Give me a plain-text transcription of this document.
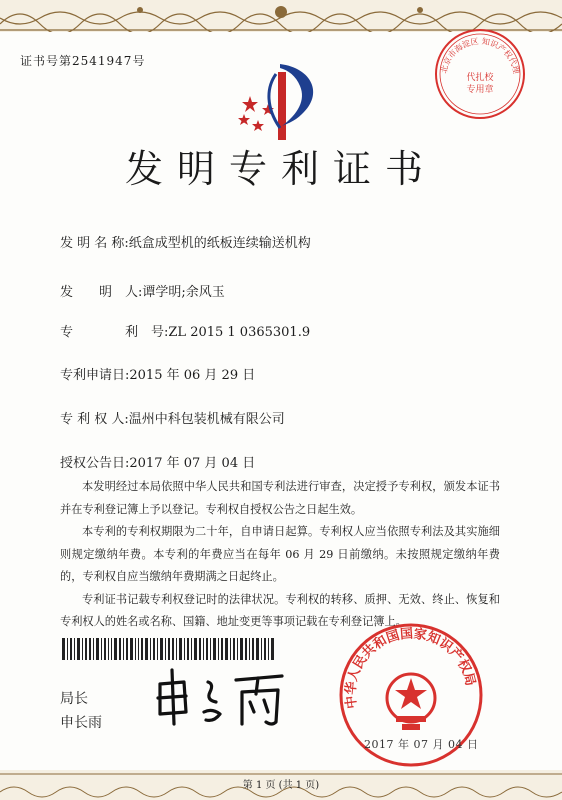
证书号第2541947号
北京市海淀区 知识产权代理
代扎校
专用章
发明专利证书
发 明 名 称:纸盒成型机的纸板连续输送机构
发　　明　人:谭学明;余风玉
专　　　　利　号:ZL 2015 1 0365301.9
专利申请日:2015 年 06 月 29 日
专 利 权 人:温州中科包装机械有限公司
授权公告日:2017 年 07 月 04 日

本发明经过本局依照中华人民共和国专利法进行审查，决定授予专利权，颁发本证书并在专利登记簿上予以登记。专利权自授权公告之日起生效。

本专利的专利权期限为二十年，自申请日起算。专利权人应当依照专利法及其实施细则规定缴纳年费。本专利的年费应当在每年 06 月 29 日前缴纳。未按照规定缴纳年费的，专利权自应当缴纳年费期满之日起终止。

专利证书记载专利权登记时的法律状况。专利权的转移、质押、无效、终止、恢复和专利权人的姓名或名称、国籍、地址变更等事项记载在专利登记簿上。

局长
申长雨
中华人民共和国国家知识产权局
2017 年 07 月 04 日
第 1 页 (共 1 页)
